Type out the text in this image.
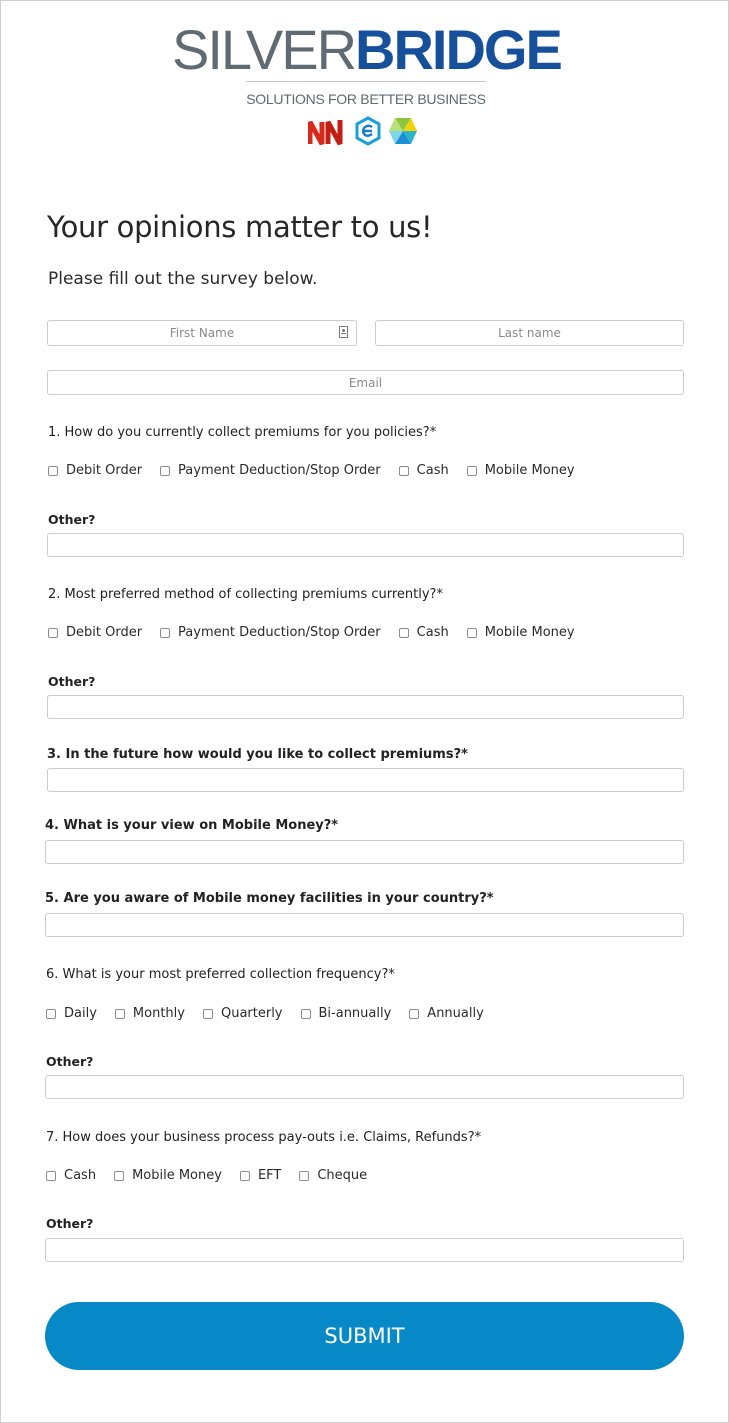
SILVERBRIDGE
SOLUTIONS FOR BETTER BUSINESS
Your opinions matter to us!
Please fill out the survey below.
First Name
Last name
Email
1. How do you currently collect premiums for you policies?*
Debit Order	Payment Deduction/Stop Order	Cash	Mobile Money
Other?
2. Most preferred method of collecting premiums currently?*
Debit Order	Payment Deduction/Stop Order	Cash	Mobile Money
Other?
3. In the future how would you like to collect premiums?*
4. What is your view on Mobile Money?*
5. Are you aware of Mobile money facilities in your country?*
6. What is your most preferred collection frequency?*
Daily	Monthly	Quarterly	Bi-annually	Annually
Other?
7. How does your business process pay-outs i.e. Claims, Refunds?*
Cash	Mobile Money	EFT	Cheque
Other?
SUBMIT
